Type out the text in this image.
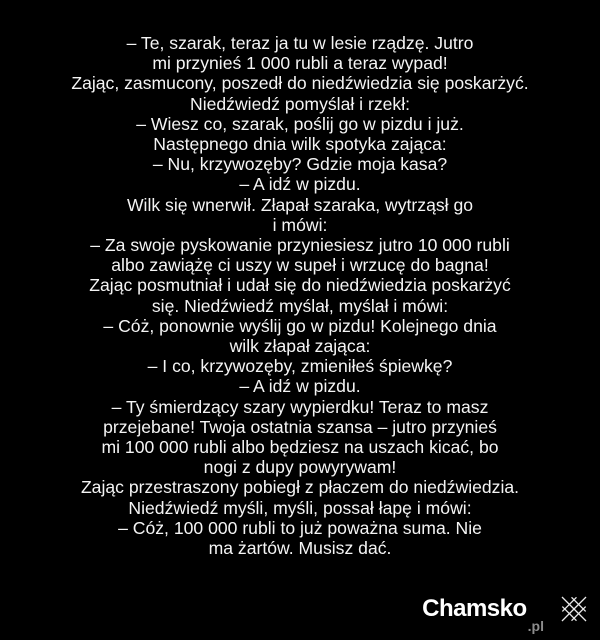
– Te, szarak, teraz ja tu w lesie rządzę. Jutro
mi przynieś 1 000 rubli a teraz wypad!
Zając, zasmucony, poszedł do niedźwiedzia się poskarżyć.
Niedźwiedź pomyślał i rzekł:
– Wiesz co, szarak, poślij go w pizdu i już.
Następnego dnia wilk spotyka zająca:
– Nu, krzywozęby? Gdzie moja kasa?
– A idź w pizdu.
Wilk się wnerwił. Złapał szaraka, wytrząsł go
i mówi:
– Za swoje pyskowanie przyniesiesz jutro 10 000 rubli
albo zawiążę ci uszy w supeł i wrzucę do bagna!
Zając posmutniał i udał się do niedźwiedzia poskarżyć
się. Niedźwiedź myślał, myślał i mówi:
– Cóż, ponownie wyślij go w pizdu! Kolejnego dnia
wilk złapał zająca:
– I co, krzywozęby, zmieniłeś śpiewkę?
– A idź w pizdu.
– Ty śmierdzący szary wypierdku! Teraz to masz
przejebane! Twoja ostatnia szansa – jutro przynieś
mi 100 000 rubli albo będziesz na uszach kicać, bo
nogi z dupy powyrywam!
Zając przestraszony pobiegł z płaczem do niedźwiedzia.
Niedźwiedź myśli, myśli, possał łapę i mówi:
– Cóż, 100 000 rubli to już poważna suma. Nie
ma żartów. Musisz dać.
Chamsko
.pl
